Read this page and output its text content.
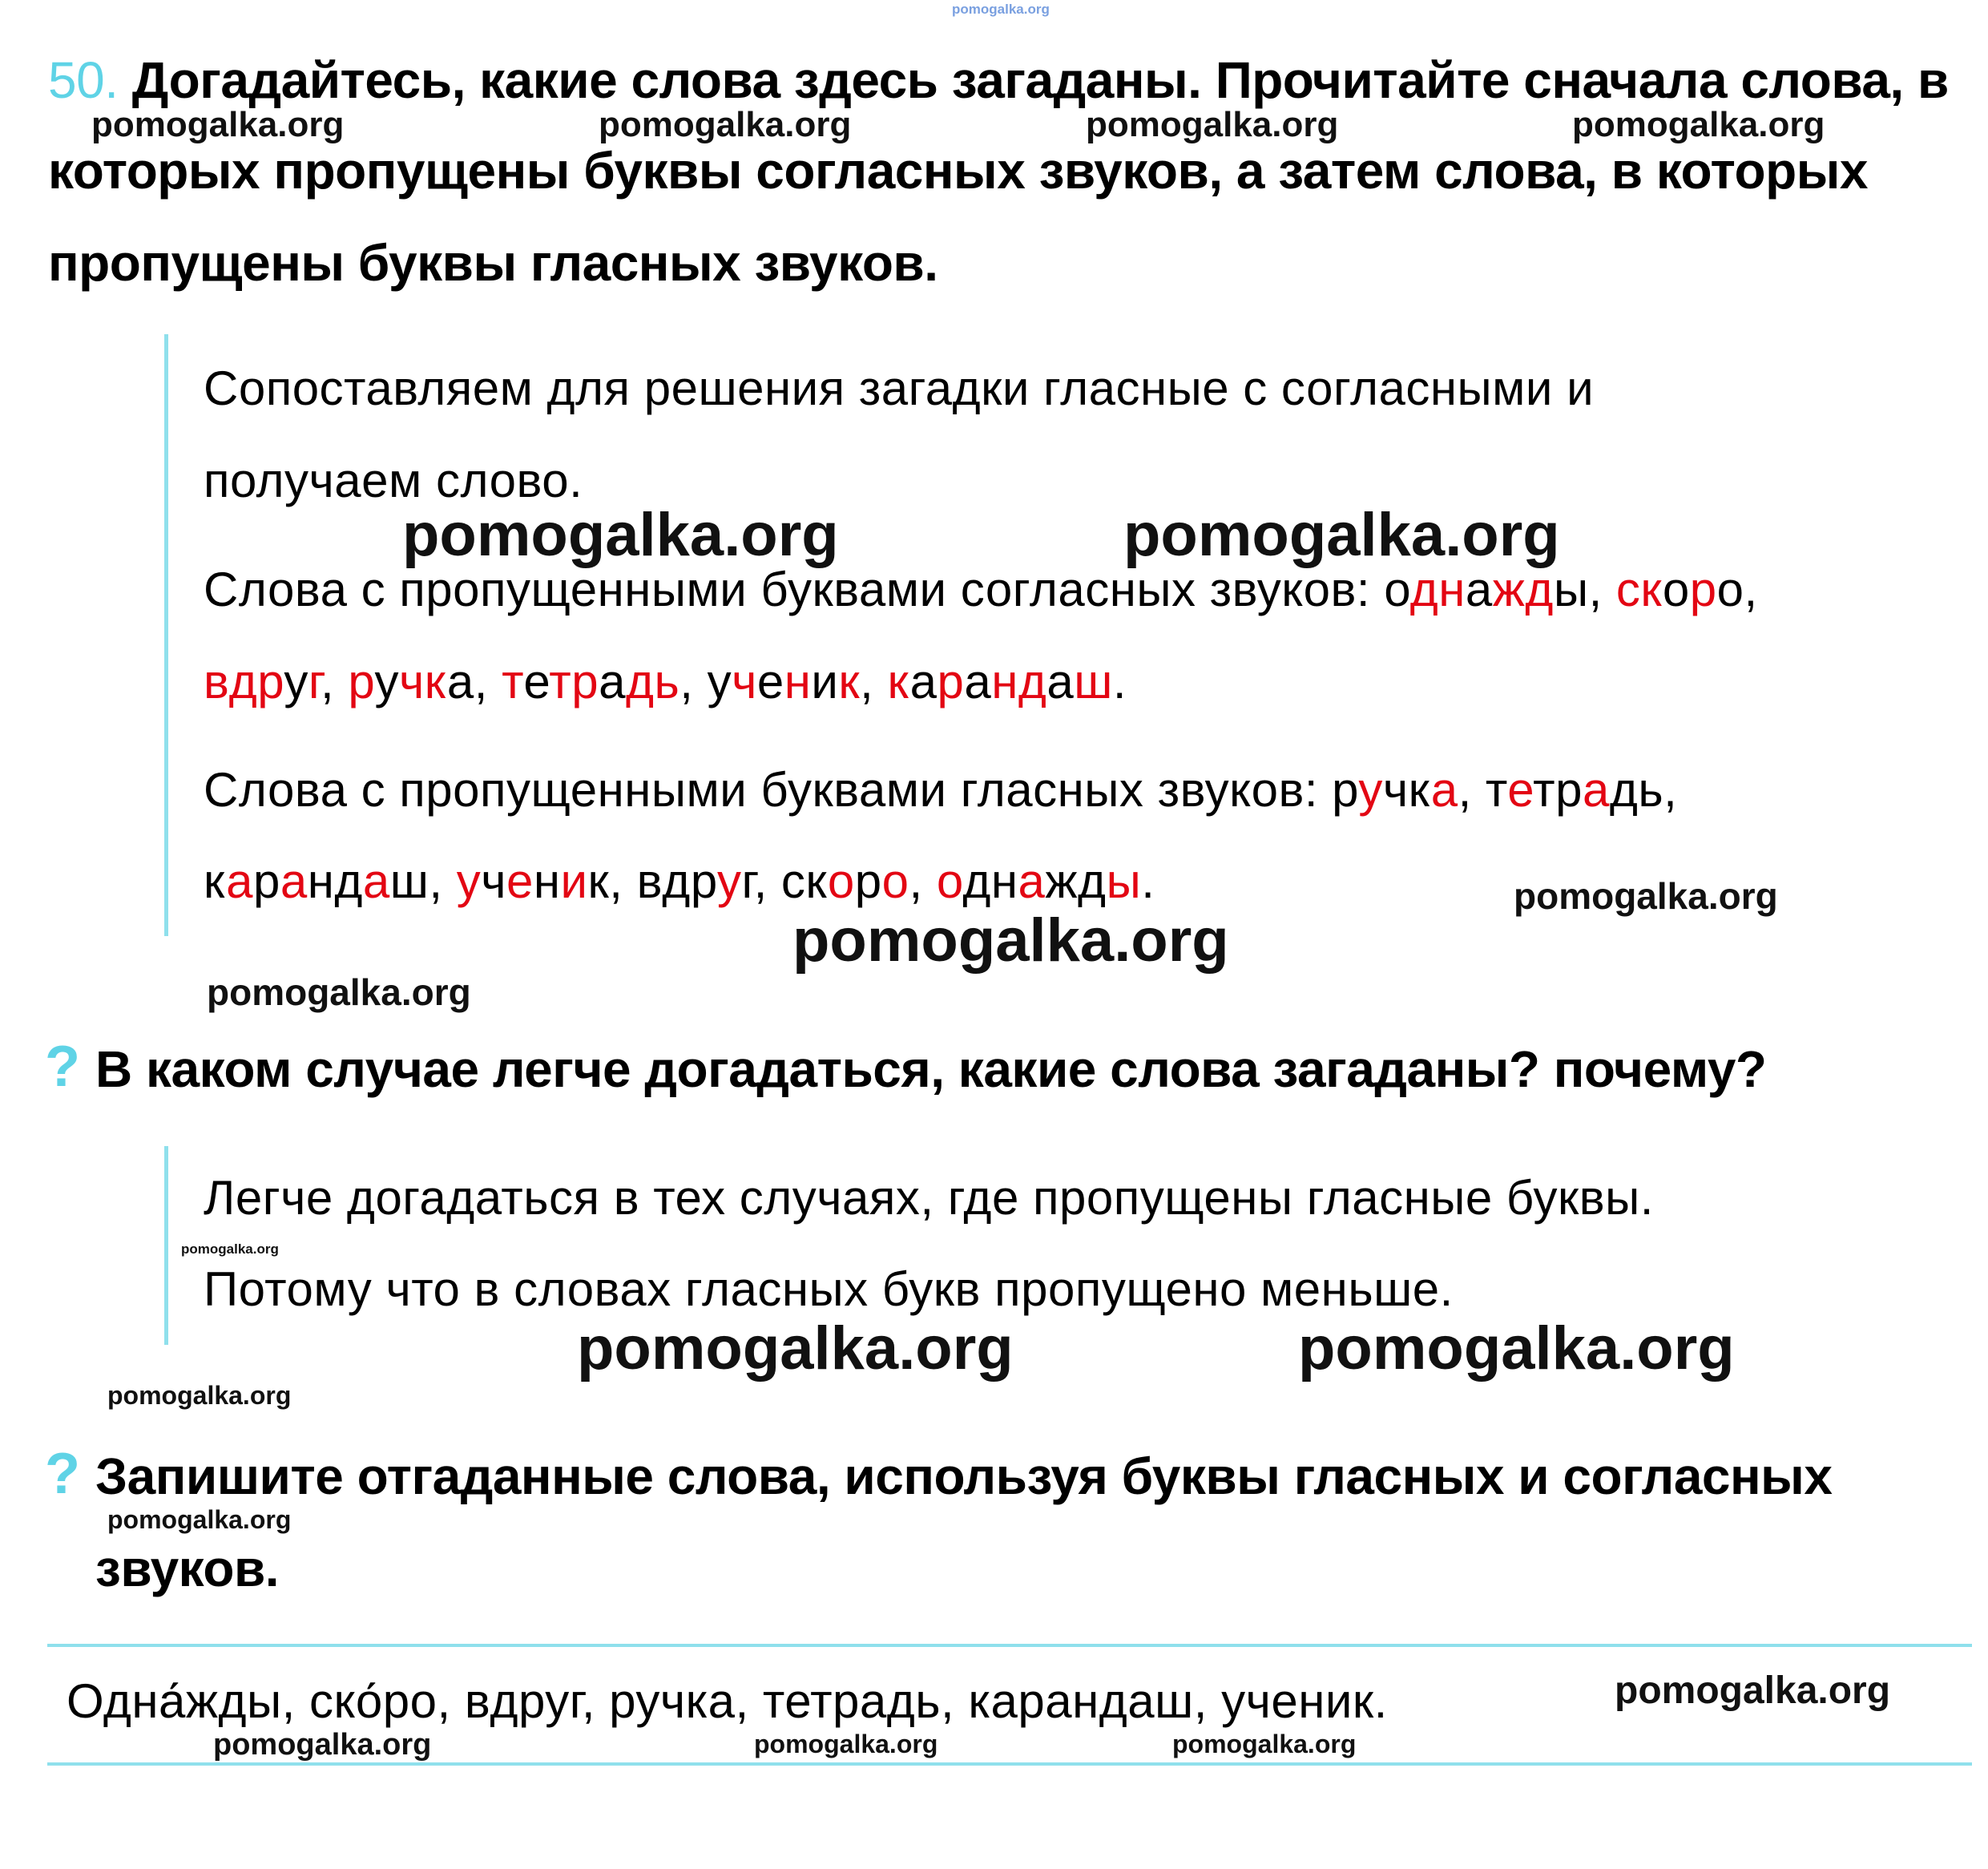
pomogalka.org
50. Догадайтесь, какие слова здесь загаданы. Прочитайте сначала слова, в
которых пропущены буквы согласных звуков, а затем слова, в которых
пропущены буквы гласных звуков.
Сопоставляем для решения загадки гласные с согласными и
получаем слово.
Слова с пропущенными буквами согласных звуков: однажды, скоро,
вдруг, ручка, тетрадь, ученик, карандаш.
Слова с пропущенными буквами гласных звуков: ручка, тетрадь,
карандаш, ученик, вдруг, скоро, однажды.
? В каком случае легче догадаться, какие слова загаданы? почему?
Легче догадаться в тех случаях, где пропущены гласные буквы.
Потому что в словах гласных букв пропущено меньше.
? Запишите отгаданные слова, используя буквы гласных и согласных
звуков.
Одна́жды, ско́ро, вдруг, ручка, тетрадь, карандаш, ученик.
pomogalka.org	pomogalka.org	pomogalka.org	pomogalka.org
pomogalka.org	pomogalka.org
pomogalka.org
pomogalka.org
pomogalka.org
pomogalka.org
pomogalka.org	pomogalka.org
pomogalka.org
pomogalka.org
pomogalka.org
pomogalka.org	pomogalka.org	pomogalka.org
